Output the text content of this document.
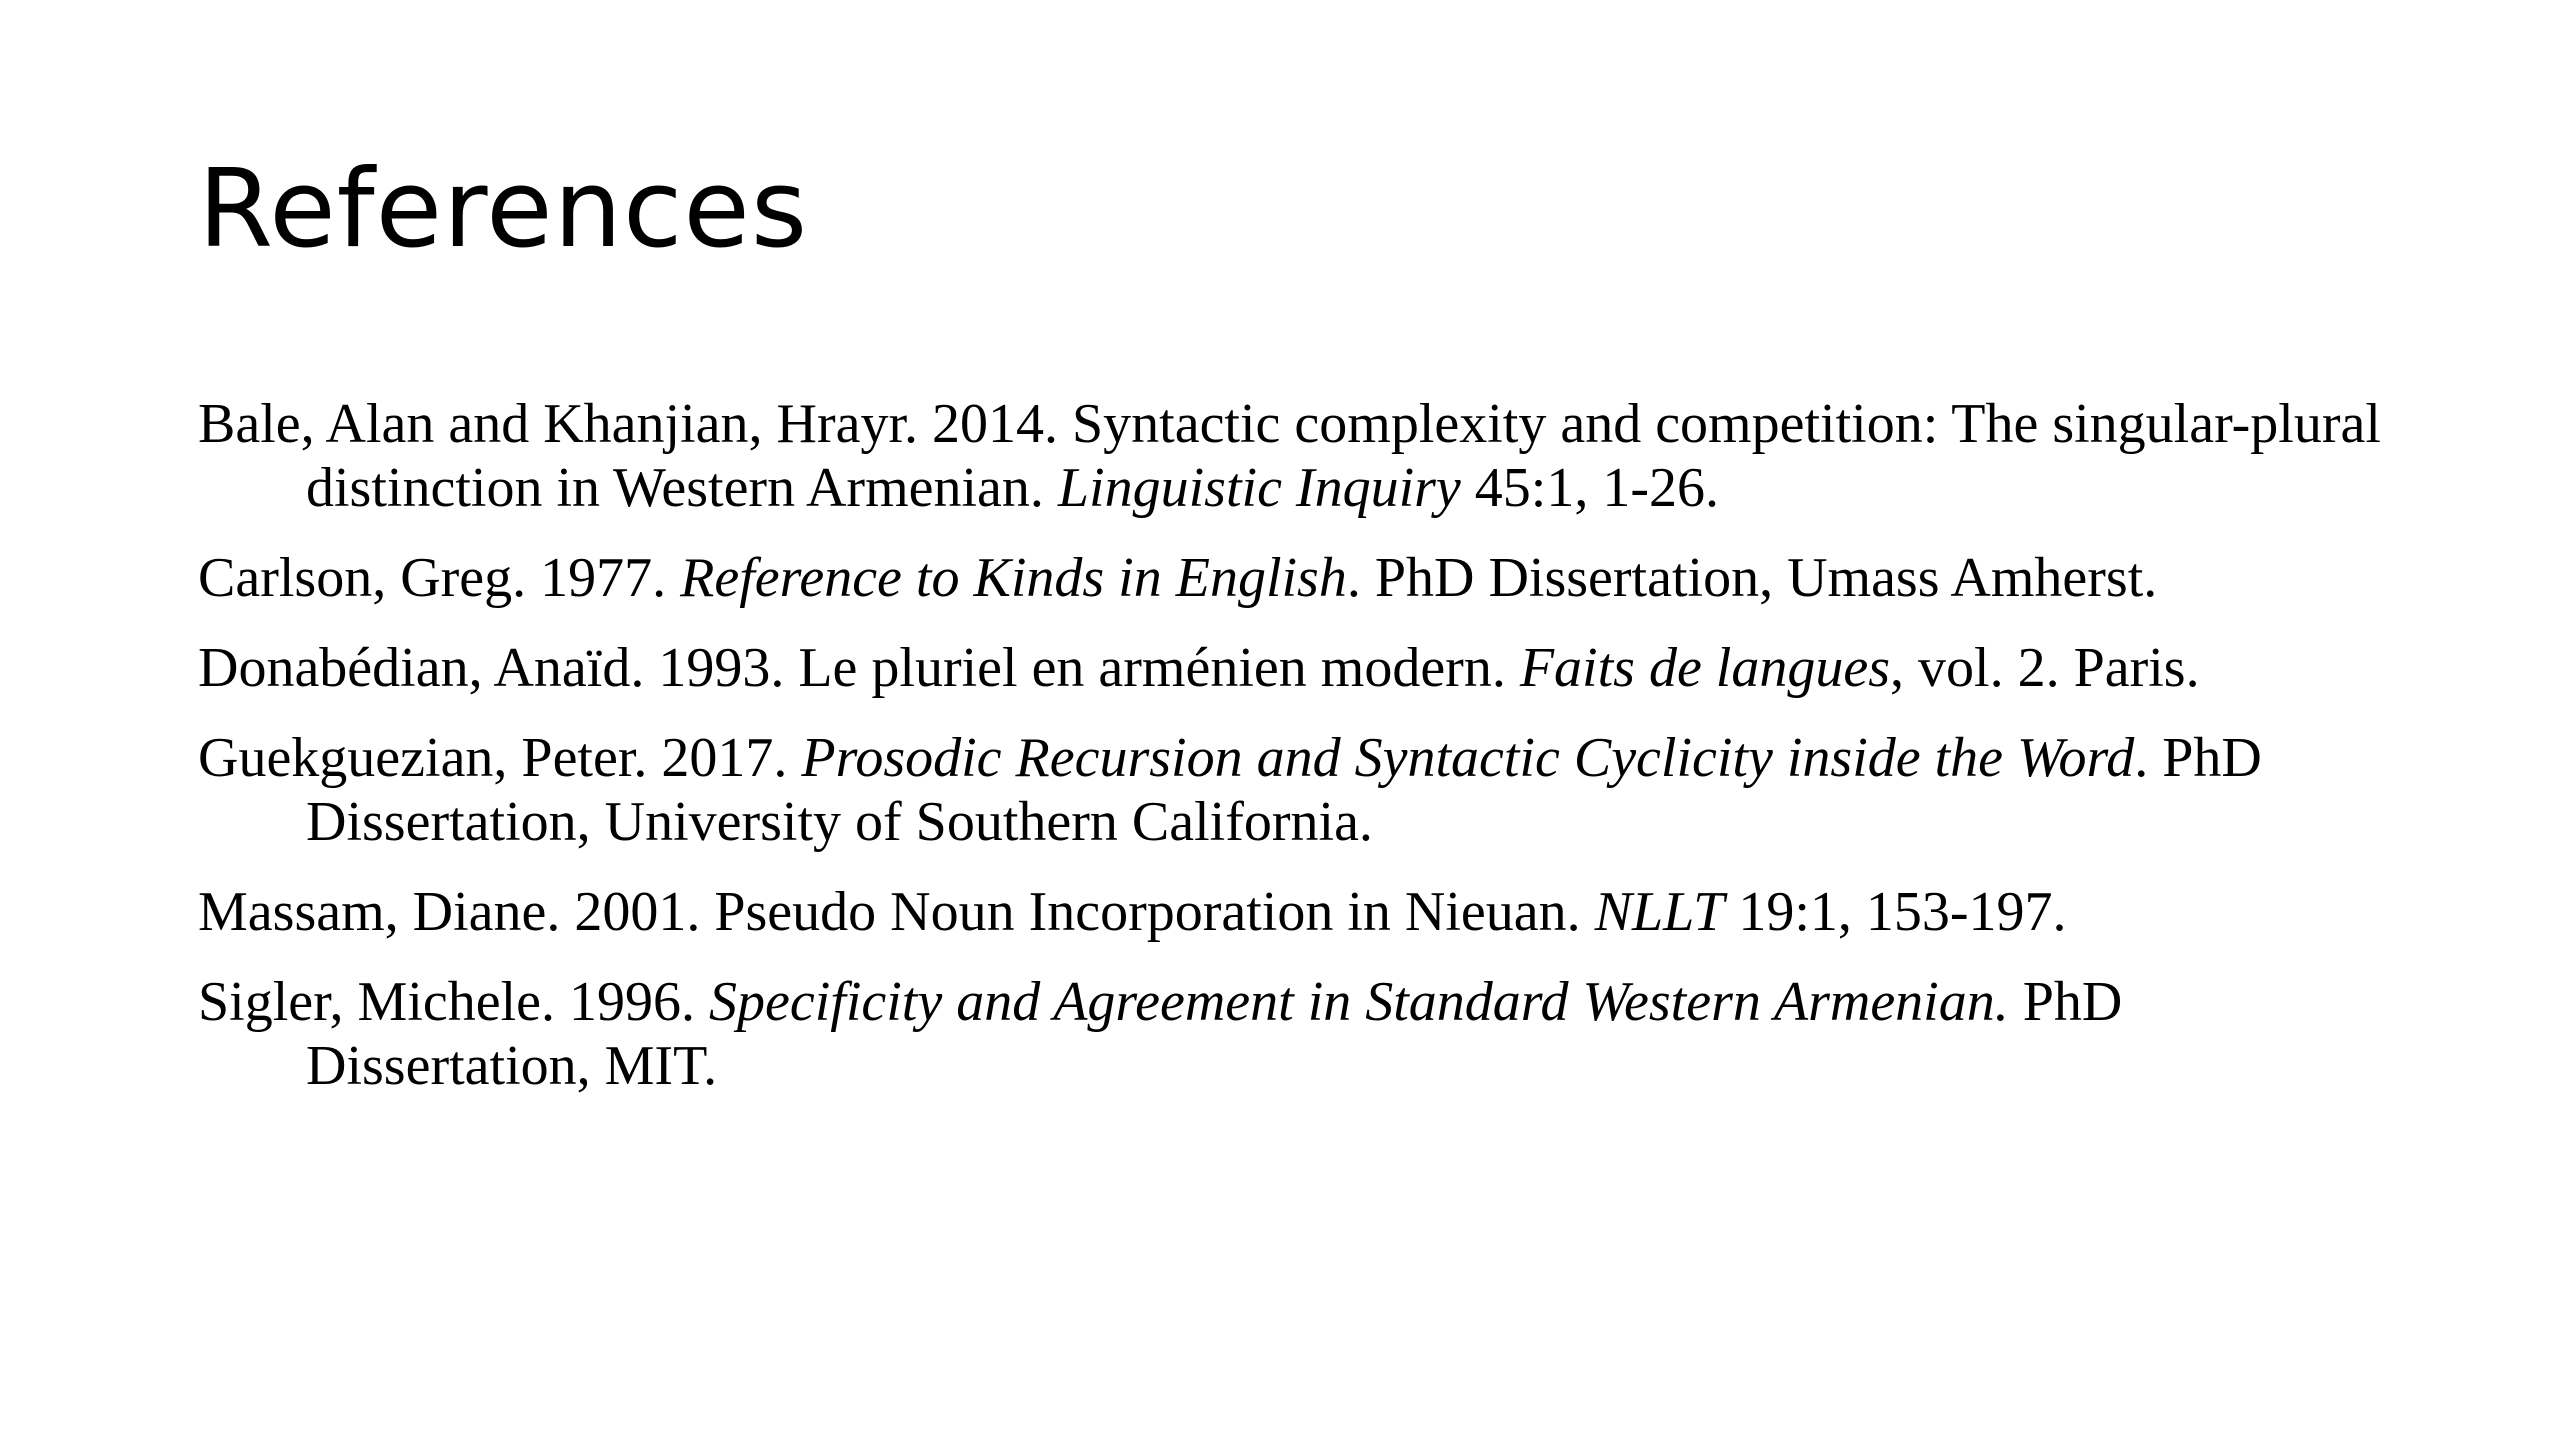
References
Bale, Alan and Khanjian, Hrayr. 2014. Syntactic complexity and competition: The singular-plural distinction in Western Armenian. Linguistic Inquiry 45:1, 1-26.
Carlson, Greg. 1977. Reference to Kinds in English. PhD Dissertation, Umass Amherst.
Donabédian, Anaïd. 1993. Le pluriel en arménien modern. Faits de langues, vol. 2. Paris.
Guekguezian, Peter. 2017. Prosodic Recursion and Syntactic Cyclicity inside the Word. PhD Dissertation, University of Southern California.
Massam, Diane. 2001. Pseudo Noun Incorporation in Nieuan. NLLT 19:1, 153-197.
Sigler, Michele. 1996. Specificity and Agreement in Standard Western Armenian. PhD Dissertation, MIT.
